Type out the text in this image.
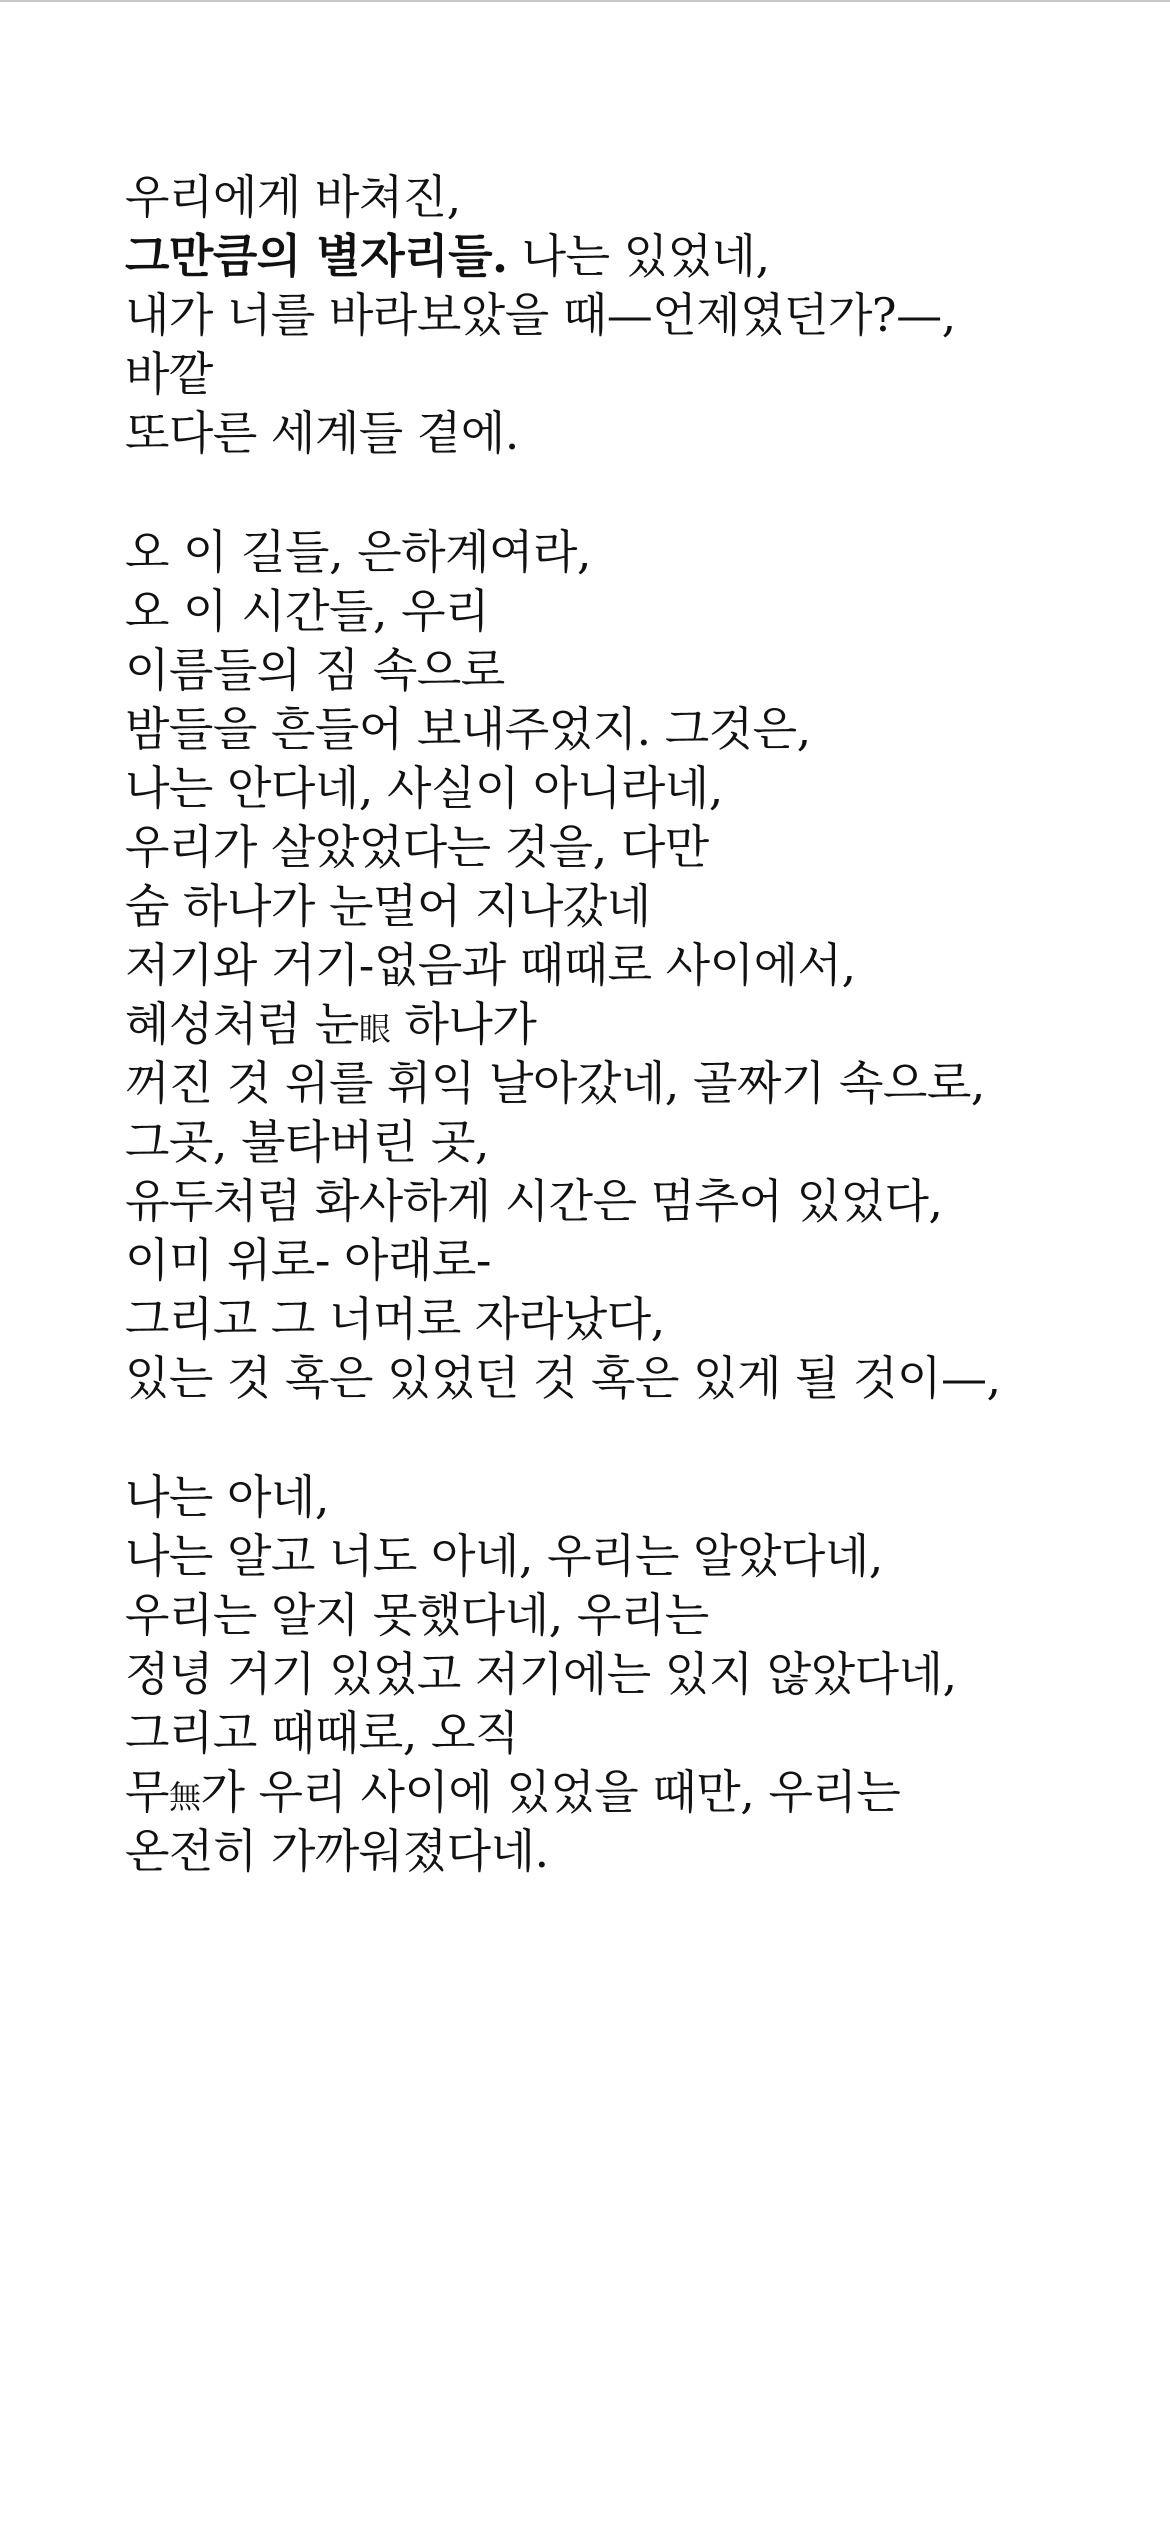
우리에게 바쳐진,
그만큼의 별자리들. 나는 있었네,
내가 너를 바라보았을 때—언제였던가?—,
바깥
또다른 세계들 곁에.
오 이 길들, 은하계여라,
오 이 시간들, 우리
이름들의 짐 속으로
밤들을 흔들어 보내주었지. 그것은,
나는 안다네, 사실이 아니라네,
우리가 살았었다는 것을, 다만
숨 하나가 눈멀어 지나갔네
저기와 거기-없음과 때때로 사이에서,
혜성처럼 눈眼 하나가
꺼진 것 위를 휘익 날아갔네, 골짜기 속으로,
그곳, 불타버린 곳,
유두처럼 화사하게 시간은 멈추어 있었다,
이미 위로- 아래로-
그리고 그 너머로 자라났다,
있는 것 혹은 있었던 것 혹은 있게 될 것이—,
나는 아네,
나는 알고 너도 아네, 우리는 알았다네,
우리는 알지 못했다네, 우리는
정녕 거기 있었고 저기에는 있지 않았다네,
그리고 때때로, 오직
무無가 우리 사이에 있었을 때만, 우리는
온전히 가까워졌다네.
